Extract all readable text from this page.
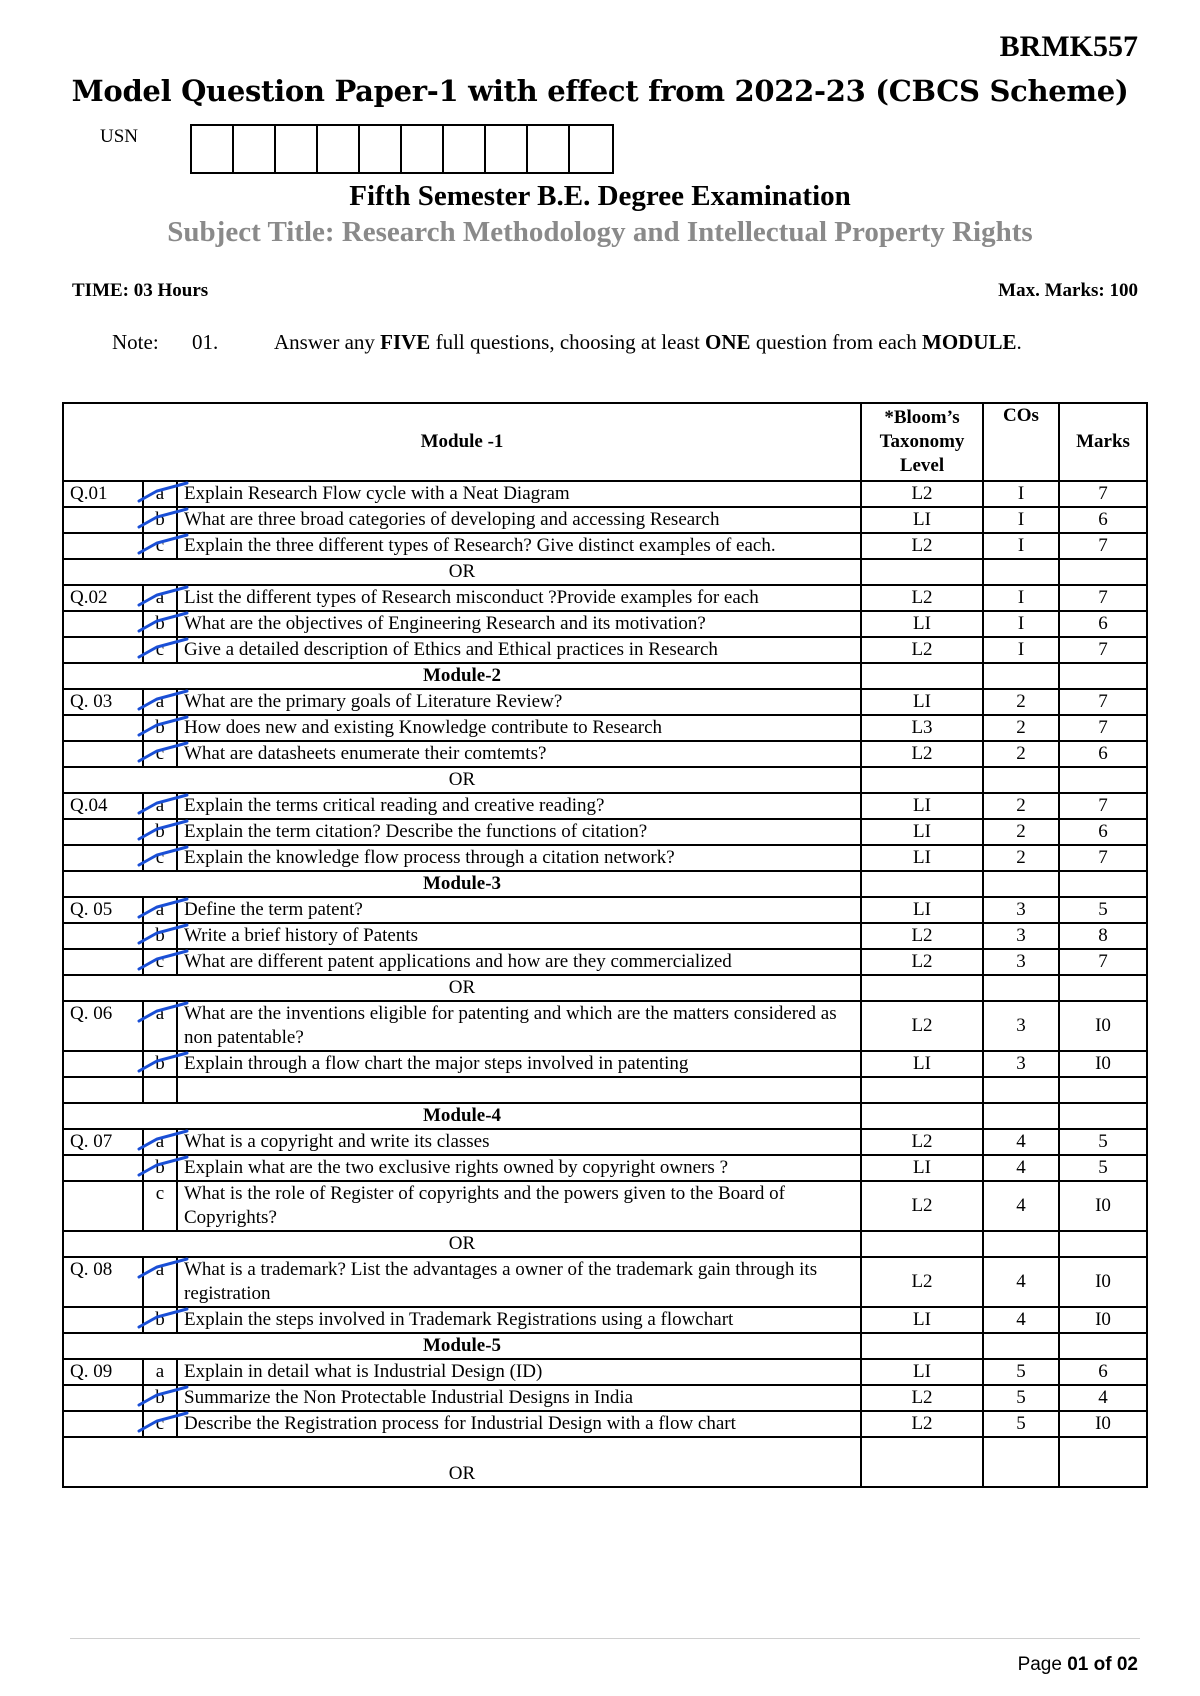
BRMK557
Model Question Paper-1 with effect from 2022-23 (CBCS Scheme)
USN
Fifth Semester B.E. Degree Examination
Subject Title: Research Methodology and Intellectual Property Rights
TIME: 03 Hours	Max. Marks: 100
Note: 01.	Answer any FIVE full questions, choosing at least ONE question from each MODULE.
Module -1			*Bloom’s Taxonomy Level	COs	Marks
Q.01	a	Explain Research Flow cycle with a Neat Diagram	L2	I	7
	b	What are three broad categories of developing and accessing Research	LI	I	6
	c	Explain the three different types of Research? Give distinct examples of each.	L2	I	7
OR					
Q.02	a	List the different types of Research misconduct ?Provide examples for each	L2	I	7
	b	What are the objectives of Engineering Research and its motivation?	LI	I	6
	c	Give a detailed description of Ethics and Ethical practices in Research	L2	I	7
Module-2					
Q. 03	a	What are the primary goals of Literature Review?	LI	2	7
	b	How does new and existing Knowledge contribute to Research	L3	2	7
	c	What are datasheets enumerate their comtemts?	L2	2	6
OR					
Q.04	a	Explain the terms critical reading and creative reading?	LI	2	7
	b	Explain the term citation? Describe the functions of citation?	LI	2	6
	c	Explain the knowledge flow process through a citation network?	LI	2	7
Module-3					
Q. 05	a	Define the term patent?	LI	3	5
	b	Write a brief history of Patents	L2	3	8
	c	What are different patent applications and how are they commercialized	L2	3	7
OR					
Q. 06	a	What are the inventions eligible for patenting and which are the matters considered as non patentable?	L2	3	I0
	b	Explain through a flow chart the major steps involved in patenting	LI	3	I0

Module-4					
Q. 07	a	What is a copyright and write its classes	L2	4	5
	b	Explain what are the two exclusive rights owned by copyright owners ?	LI	4	5
	c	What is the role of Register of copyrights and the powers given to the Board of Copyrights?	L2	4	I0
OR					
Q. 08	a	What is a trademark? List the advantages a owner of the trademark gain through its registration	L2	4	I0
	b	Explain the steps involved in Trademark Registrations using a flowchart	LI	4	I0
Module-5					
Q. 09	a	Explain in detail what is Industrial Design (ID)	LI	5	6
	b	Summarize the Non Protectable Industrial Designs in India	L2	5	4
	c	Describe the Registration process for Industrial Design with a flow chart	L2	5	I0
OR					
Page 01 of 02
